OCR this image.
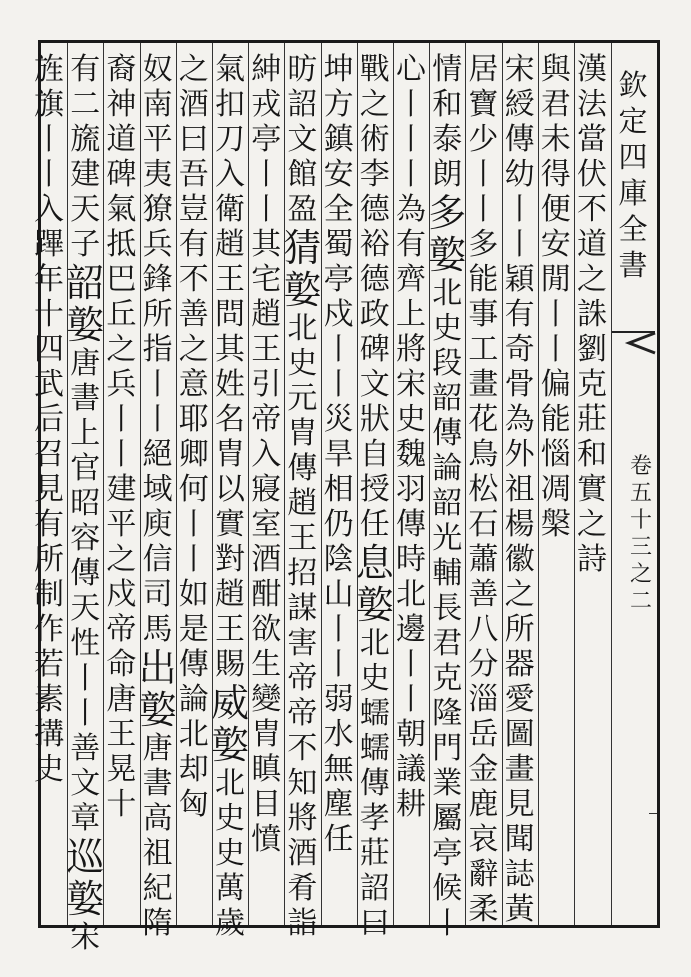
欽
定
四
庫
全
書
卷
五
十
三
之
二
漢
法
當
伏
不
道
之
誅
劉
克
莊
和
實
之
詩
與
君
未
得
便
安
閒
丨
丨
偏
能
惱
凋
槃
宋
綬
傳
幼
丨
丨
穎
有
奇
骨
為
外
祖
楊
徽
之
所
器
愛
圖
畫
見
聞
誌
黃
居
寶
少
丨
丨
多
能
事
工
畫
花
鳥
松
石
蕭
善
八
分
淄
岳
金
鹿
哀
辭
柔
情
和
泰
朗
多
嬜
北
史
段
韶
傳
論
韶
光
輔
長
君
克
隆
門
業
屬
亭
候
丨
心
丨
丨
丨
為
有
齊
上
將
宋
史
魏
羽
傳
時
北
邊
丨
丨
朝
議
耕
戰
之
術
李
德
裕
德
政
碑
文
狀
自
授
任
息
嬜
北
史
蠕
蠕
傳
孝
莊
詔
曰
坤
方
鎮
安
全
蜀
亭
戍
丨
丨
災
旱
相
仍
陰
山
丨
丨
弱
水
無
塵
任
昉
詔
文
館
盈
猜
嬜
北
史
元
胄
傳
趙
王
招
謀
害
帝
帝
不
知
將
酒
肴
詣
紳
戎
亭
丨
丨
其
宅
趙
王
引
帝
入
寢
室
酒
酣
欲
生
變
胄
瞋
目
憤
氣
扣
刀
入
衛
趙
王
問
其
姓
名
胄
以
實
對
趙
王
賜
威
嬜
北
史
史
萬
歲
之
酒
曰
吾
豈
有
不
善
之
意
耶
卿
何
丨
丨
如
是
傳
論
北
却
匈
奴
南
平
夷
獠
兵
鋒
所
指
丨
丨
絕
域
庾
信
司
馬
出
嬜
唐
書
高
祖
紀
隋
裔
神
道
碑
氣
抵
巴
丘
之
兵
丨
丨
建
平
之
戍
帝
命
唐
王
晃
十
有
二
旒
建
天
子
韶
嬜
唐
書
上
官
昭
容
傳
天
性
丨
丨
善
文
章
巡
嬜
宋
旌
旗
丨
丨
入
蹕
年
十
四
武
后
召
見
有
所
制
作
若
素
搆
史
